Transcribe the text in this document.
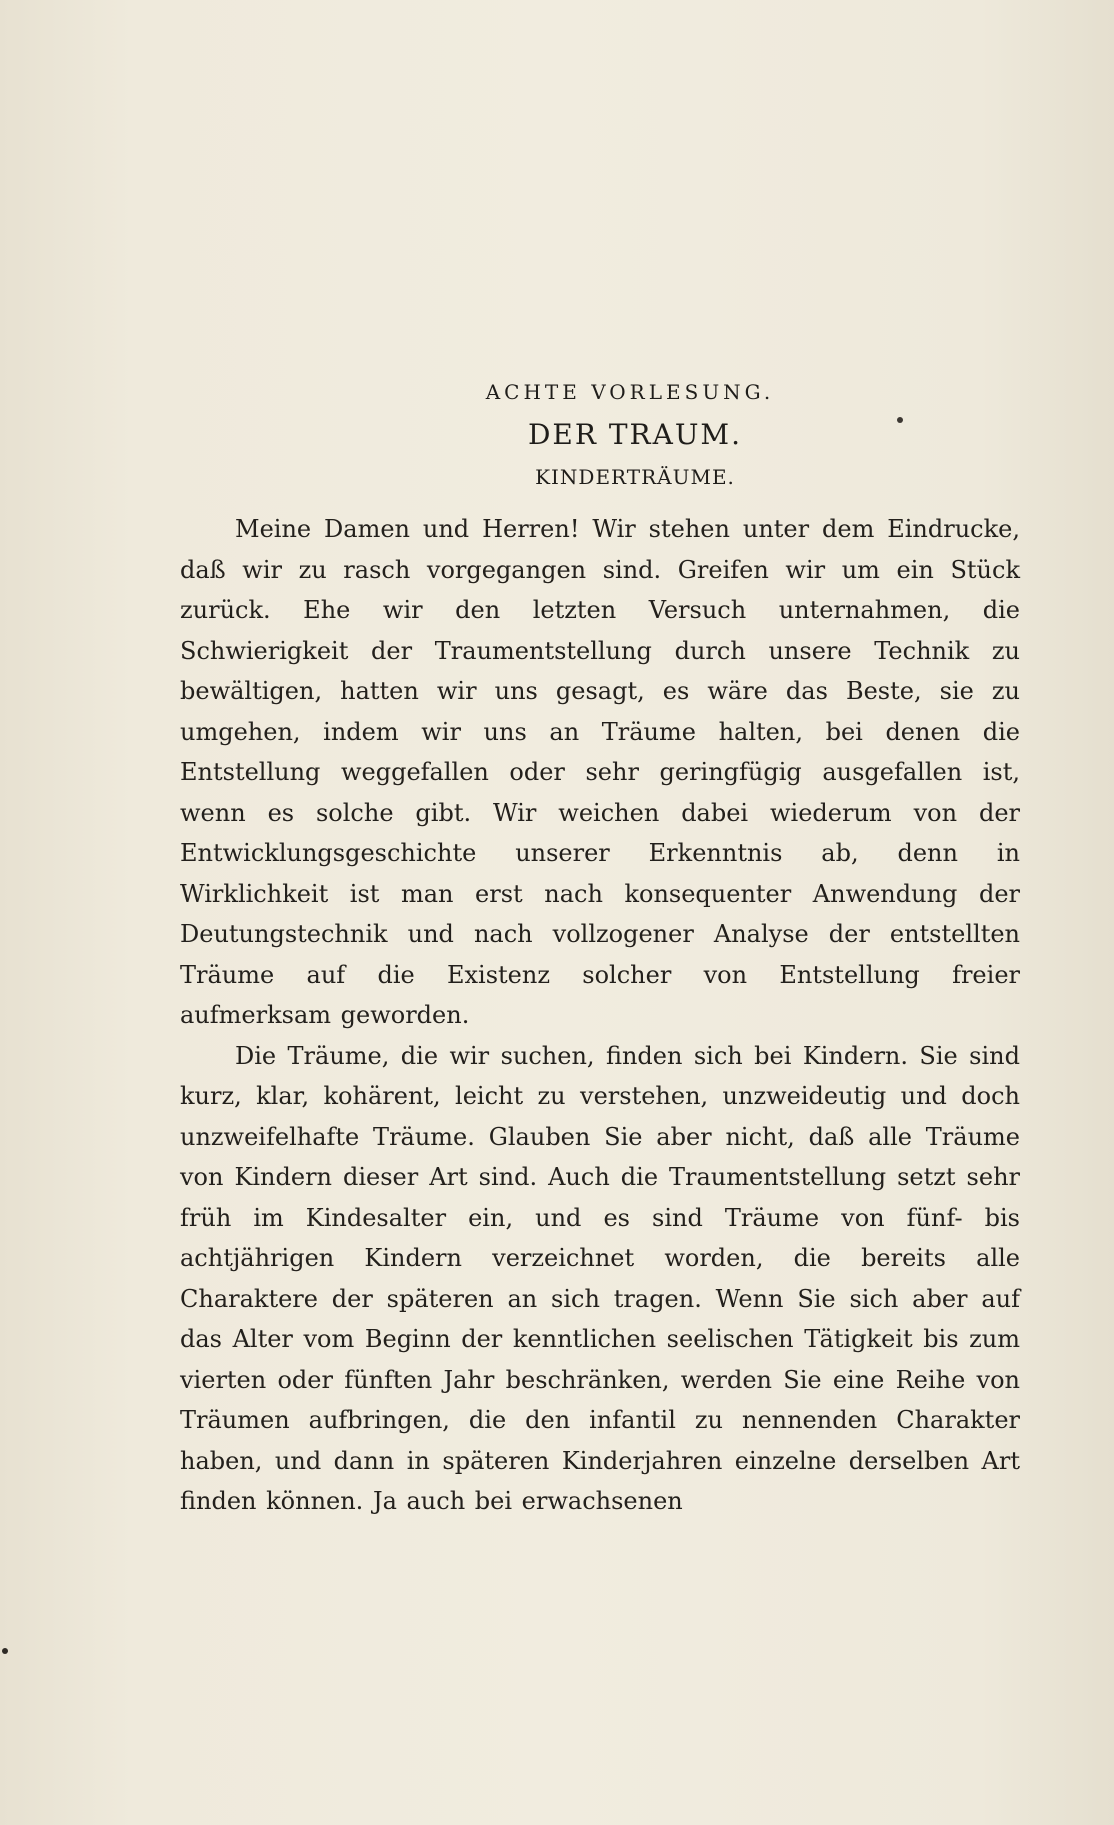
ACHTE VORLESUNG.
DER TRAUM.
KINDERTRÄUME.

Meine Damen und Herren! Wir stehen unter dem Eindrucke, daß wir zu rasch vorgegangen sind. Greifen wir um ein Stück zurück. Ehe wir den letzten Versuch unternahmen, die Schwierigkeit der Traumentstellung durch unsere Technik zu bewältigen, hatten wir uns gesagt, es wäre das Beste, sie zu umgehen, indem wir uns an Träume halten, bei denen die Entstellung weggefallen oder sehr geringfügig ausgefallen ist, wenn es solche gibt. Wir weichen dabei wiederum von der Entwicklungsgeschichte unserer Erkenntnis ab, denn in Wirklichkeit ist man erst nach konsequenter Anwendung der Deutungstechnik und nach vollzogener Analyse der entstellten Träume auf die Existenz solcher von Entstellung freier aufmerksam geworden.

Die Träume, die wir suchen, finden sich bei Kindern. Sie sind kurz, klar, kohärent, leicht zu verstehen, unzweideutig und doch unzweifelhafte Träume. Glauben Sie aber nicht, daß alle Träume von Kindern dieser Art sind. Auch die Traumentstellung setzt sehr früh im Kindesalter ein, und es sind Träume von fünf- bis achtjährigen Kindern verzeichnet worden, die bereits alle Charaktere der späteren an sich tragen. Wenn Sie sich aber auf das Alter vom Beginn der kenntlichen seelischen Tätigkeit bis zum vierten oder fünften Jahr beschränken, werden Sie eine Reihe von Träumen aufbringen, die den infantil zu nennenden Charakter haben, und dann in späteren Kinderjahren einzelne derselben Art finden können. Ja auch bei erwachsenen
